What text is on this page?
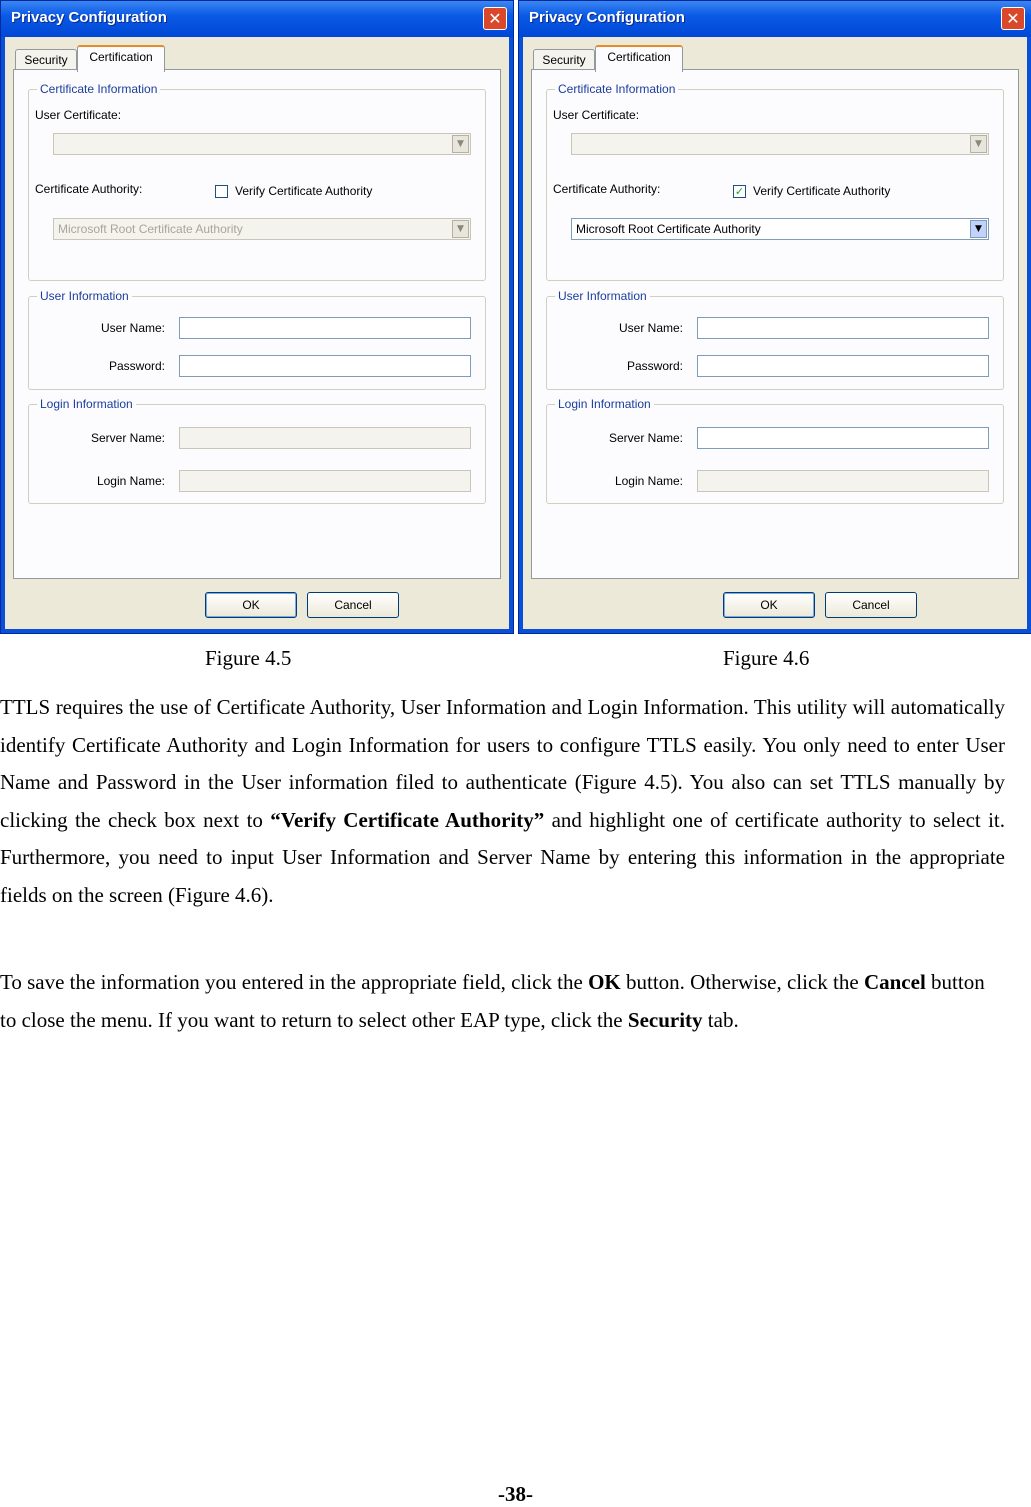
Privacy Configuration	✕
Security	Certification
Certificate Information
User Certificate:
▼
Certificate Authority:	Verify Certificate Authority
Microsoft Root Certificate Authority	▼
User Information
User Name:
Password:
Login Information
Server Name:
Login Name:
OK	Cancel
Privacy Configuration	✕
Security	Certification
Certificate Information
User Certificate:
▼
Certificate Authority:	✓ Verify Certificate Authority
Microsoft Root Certificate Authority	▼
User Information
User Name:
Password:
Login Information
Server Name:
Login Name:
OK	Cancel
Figure 4.5	Figure 4.6

TTLS requires the use of Certificate Authority, User Information and Login Information. This utility will automatically identify Certificate Authority and Login Information for users to configure TTLS easily. You only need to enter User Name and Password in the User information filed to authenticate (Figure 4.5). You also can set TTLS manually by clicking the check box next to “Verify Certificate Authority” and highlight one of certificate authority to select it. Furthermore, you need to input User Information and Server Name by entering this information in the appropriate fields on the screen (Figure 4.6).

To save the information you entered in the appropriate field, click the OK button. Otherwise, click the Cancel button to close the menu. If you want to return to select other EAP type, click the Security tab.

-38-
